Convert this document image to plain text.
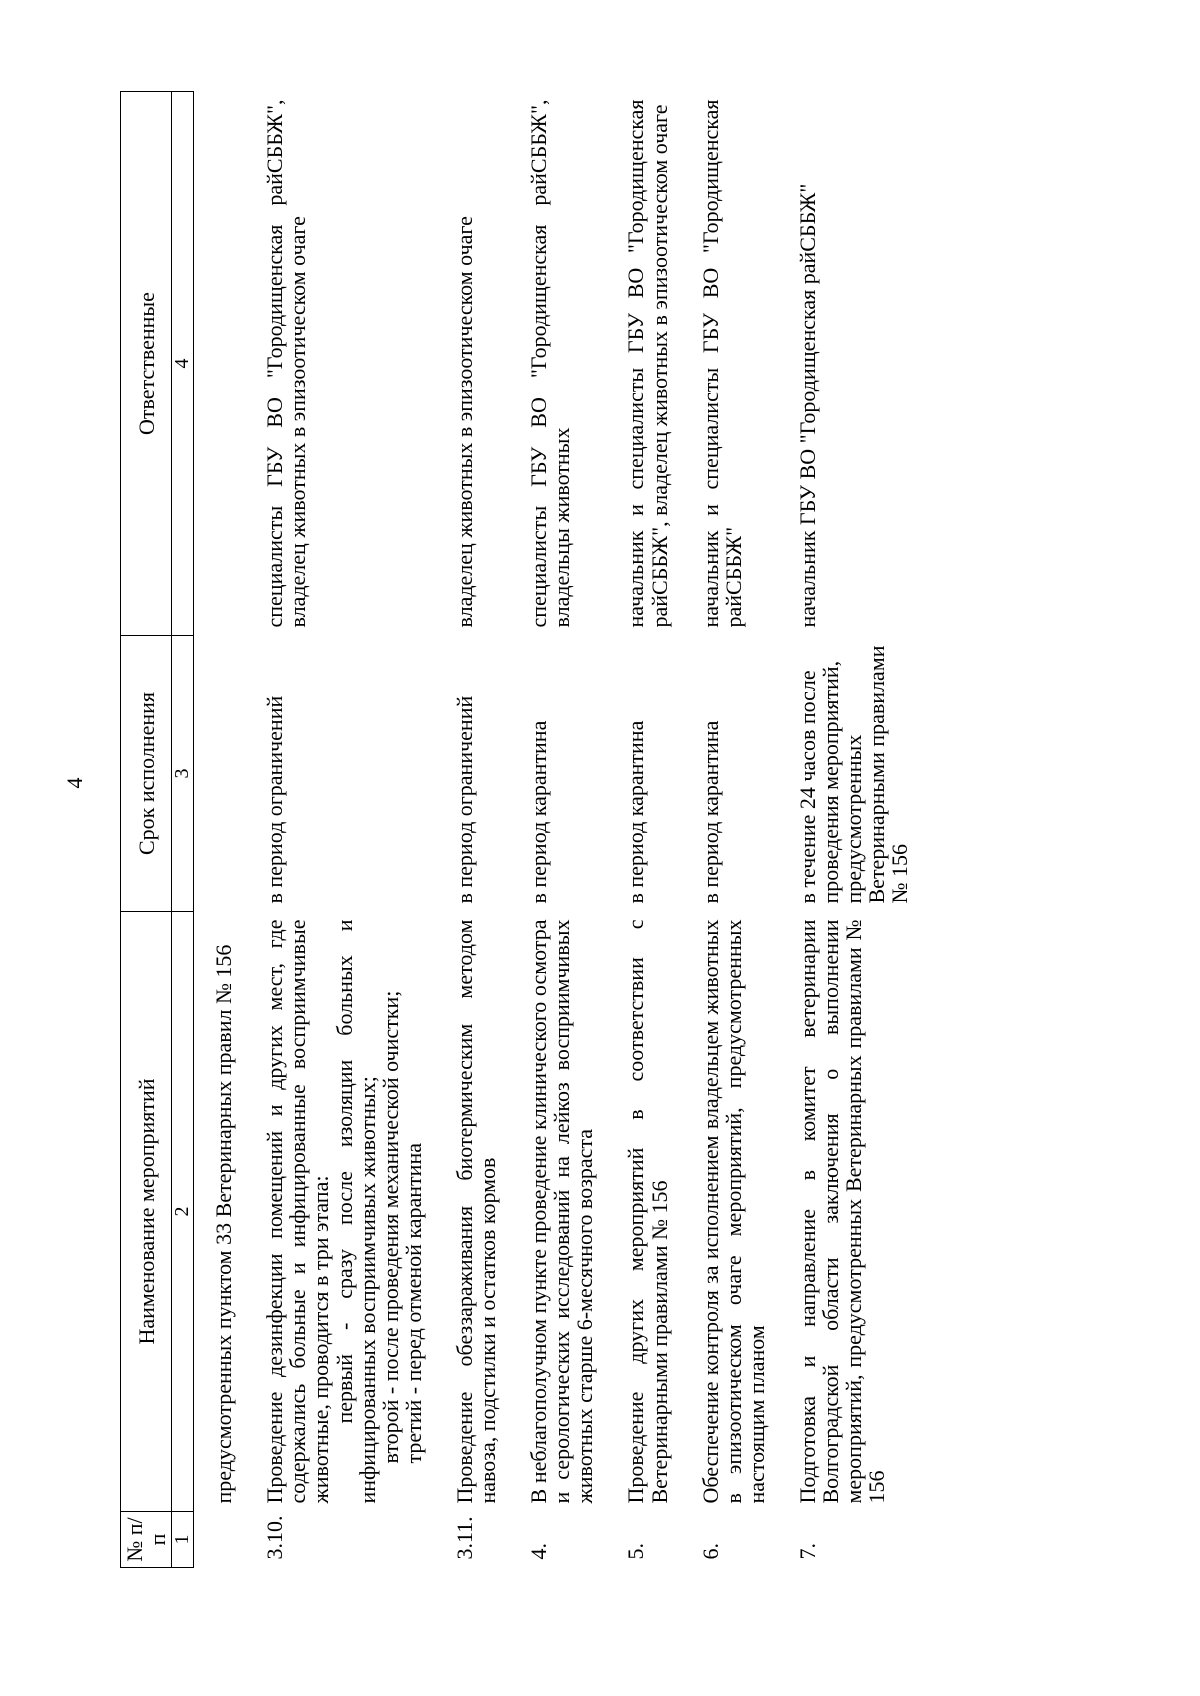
4
№ п/п	Наименование мероприятий	Срок исполнения	Ответственные
1	2	3	4
	предусмотренных пунктом 33 Ветеринарных правил № 156		
3.10.	Проведение дезинфекции помещений и других мест, где содержались больные и инфицированные восприимчивые животные, проводится в три этапа:

первый - сразу после изоляции больных и инфицированных восприимчивых животных;

второй - после проведения механической очистки;

третий - перед отменой карантина	в период ограничений	специалисты ГБУ ВО "Городищенская райСББЖ", владелец животных в эпизоотическом очаге
3.11.	Проведение обеззараживания биотермическим методом навоза, подстилки и остатков кормов	в период ограничений	владелец животных в эпизоотическом очаге
4.	В неблагополучном пункте проведение клинического осмотра и серологических исследований на лейкоз восприимчивых животных старше 6-месячного возраста	в период карантина	специалисты ГБУ ВО "Городищенская райСББЖ", владельцы животных
5.	Проведение других мероприятий в соответствии с Ветеринарными правилами № 156	в период карантина	начальник и специалисты ГБУ ВО "Городищенская райСББЖ", владелец животных в эпизоотическом очаге
6.	Обеспечение контроля за исполнением владельцем животных в эпизоотическом очаге мероприятий, предусмотренных настоящим планом	в период карантина	начальник и специалисты ГБУ ВО "Городищенская райСББЖ"
7.	Подготовка и направление в комитет ветеринарии Волгоградской области заключения о выполнении мероприятий, предусмотренных Ветеринарных правилами № 156	в течение 24 часов после проведения мероприятий, предусмотренных Ветеринарными правилами № 156	начальник ГБУ ВО "Городищенская райСББЖ"
